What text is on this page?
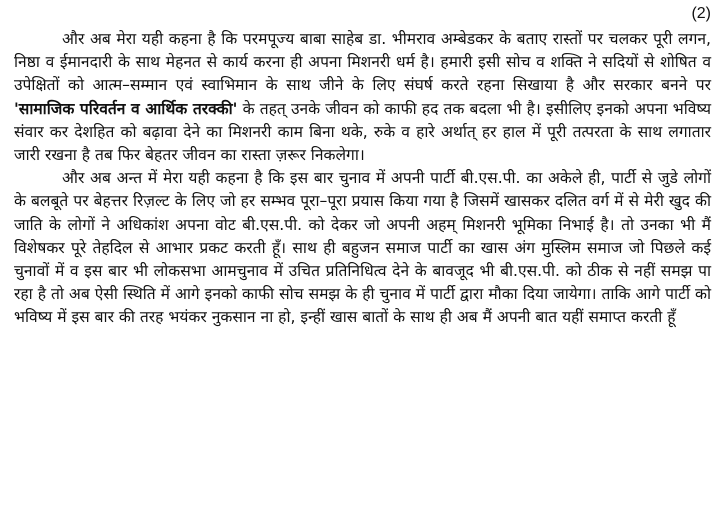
(2)

और अब मेरा यही कहना है कि परमपूज्य बाबा साहेब डा. भीमराव अम्बेडकर के बताए रास्तों पर चलकर पूरी लगन, निष्ठा व ईमानदारी के साथ मेहनत से कार्य करना ही अपना मिशनरी धर्म है। हमारी इसी सोच व शक्ति ने सदियों से शोषित व उपेक्षितों को आत्म–सम्मान एवं स्वाभिमान के साथ जीने के लिए संघर्ष करते रहना सिखाया है और सरकार बनने पर 'सामाजिक परिवर्तन व आर्थिक तरक्की' के तहत् उनके जीवन को काफी हद तक बदला भी है। इसीलिए इनको अपना भविष्य संवार कर देशहित को बढ़ावा देने का मिशनरी काम बिना थके, रुके व हारे अर्थात् हर हाल में पूरी तत्परता के साथ लगातार जारी रखना है तब फिर बेहतर जीवन का रास्ता ज़रूर निकलेगा।

और अब अन्त में मेरा यही कहना है कि इस बार चुनाव में अपनी पार्टी बी.एस.पी. का अकेले ही, पार्टी से जुडे लोगों के बलबूते पर बेहत्तर रिज़ल्ट के लिए जो हर सम्भव पूरा–पूरा प्रयास किया गया है जिसमें खासकर दलित वर्ग में से मेरी खुद की जाति के लोगों ने अधिकांश अपना वोट बी.एस.पी. को देकर जो अपनी अहम् मिशनरी भूमिका निभाई है। तो उनका भी मैं विशेषकर पूरे तेहदिल से आभार प्रकट करती हूँ। साथ ही बहुजन समाज पार्टी का खास अंग मुस्लिम समाज जो पिछले कई चुनावों में व इस बार भी लोकसभा आमचुनाव में उचित प्रतिनिधित्व देने के बावजूद भी बी.एस.पी. को ठीक से नहीं समझ पा रहा है तो अब ऐसी स्थिति में आगे इनको काफी सोच समझ के ही चुनाव में पार्टी द्वारा मौका दिया जायेगा। ताकि आगे पार्टी को भविष्य में इस बार की तरह भयंकर नुकसान ना हो, इन्हीं खास बातों के साथ ही अब मैं अपनी बात यहीं समाप्त करती हूँ
